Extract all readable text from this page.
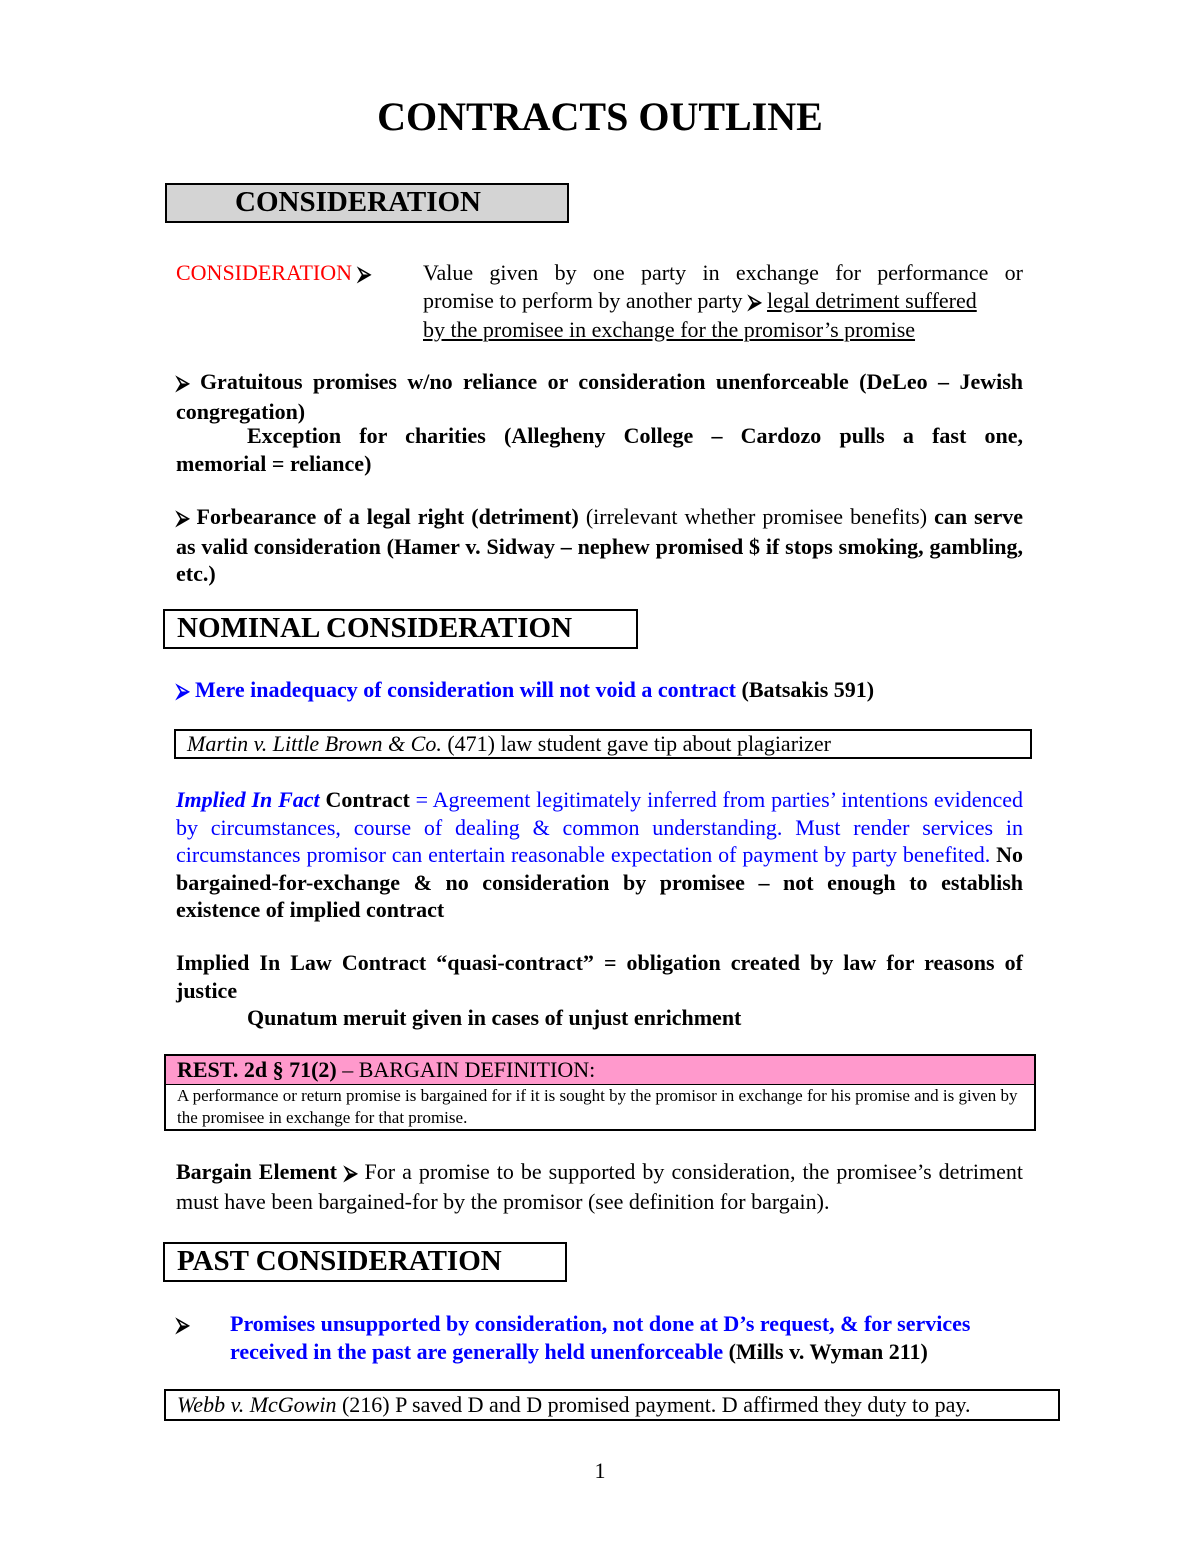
CONTRACTS OUTLINE
CONSIDERATION
CONSIDERATION ⮚ Value given by one party in exchange for performance or
promise to perform by another party ⮚ legal detriment suffered
by the promisee in exchange for the promisor’s promise
⮚ Gratuitous promises w/no reliance or consideration unenforceable (DeLeo – Jewish congregation)
Exception for charities (Allegheny College – Cardozo pulls a fast one,
memorial = reliance)
⮚ Forbearance of a legal right (detriment) (irrelevant whether promisee benefits) can serve as valid consideration (Hamer v. Sidway – nephew promised $ if stops smoking, gambling, etc.)
NOMINAL CONSIDERATION
⮚ Mere inadequacy of consideration will not void a contract (Batsakis 591)
Martin v. Little Brown & Co. (471) law student gave tip about plagiarizer
Implied In Fact Contract = Agreement legitimately inferred from parties’ intentions evidenced by circumstances, course of dealing & common understanding. Must render services in circumstances promisor can entertain reasonable expectation of payment by party benefited. No bargained-for-exchange & no consideration by promisee – not enough to establish existence of implied contract
Implied In Law Contract “quasi-contract” = obligation created by law for reasons of justice
Qunatum meruit given in cases of unjust enrichment
REST. 2d § 71(2) – BARGAIN DEFINITION:
A performance or return promise is bargained for if it is sought by the promisor in exchange for his promise and is given by the promisee in exchange for that promise.
Bargain Element ⮚ For a promise to be supported by consideration, the promisee’s detriment must have been bargained-for by the promisor (see definition for bargain).
PAST CONSIDERATION
⮚ Promises unsupported by consideration, not done at D’s request, & for services received in the past are generally held unenforceable (Mills v. Wyman 211)
Webb v. McGowin (216) P saved D and D promised payment. D affirmed they duty to pay.
1
